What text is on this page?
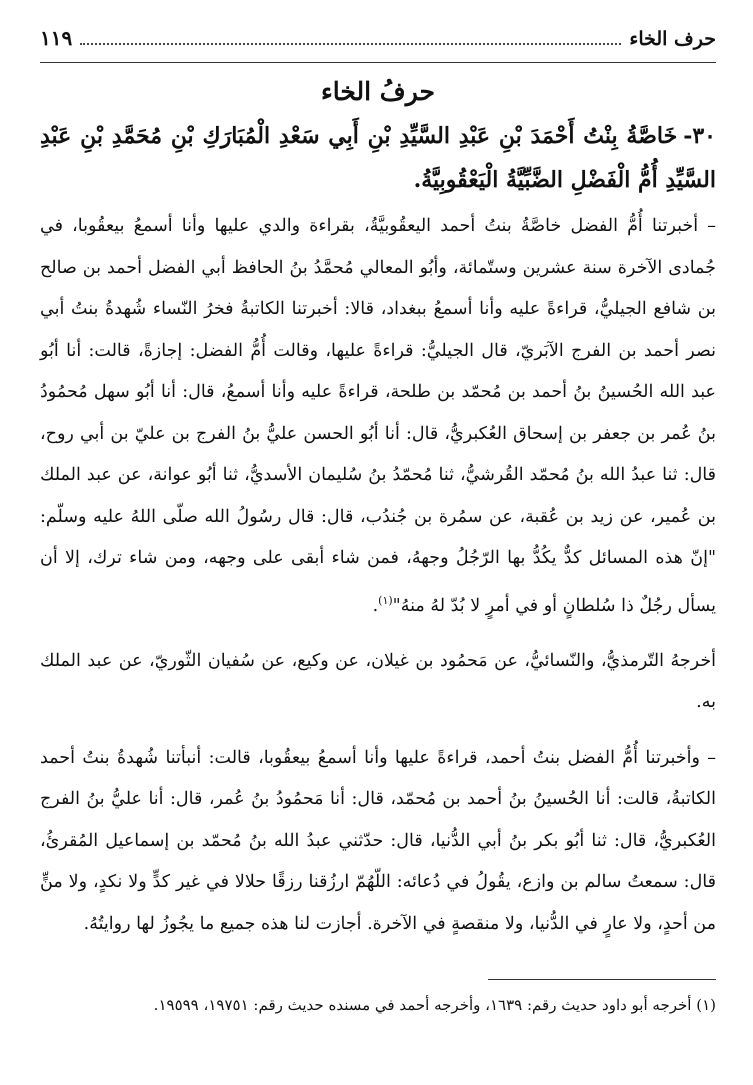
حرف الخاء
١١٩
حرفُ الخاء

٣٠-خَاصَّةُ بِنْتُ أَحْمَدَ بْنِ عَبْدِ السَّيِّدِ بْنِ أَبِي سَعْدِ الْمُبَارَكِ بْنِ مُحَمَّدِ بْنِ عَبْدِ السَّيِّدِ أُمُّ الْفَضْلِ الضَّبِّيَّةُ الْيَعْقُوبِيَّةُ.

– أخبرتنا أُمُّ الفضل خاصَّةُ بنتُ أحمد اليعقُوبيَّةُ، بقراءة والدي عليها وأنا أسمعُ بيعقُوبا، في جُمادى الآخرة سنة عشرين وستّمائة، وأبُو المعالي مُحمَّدُ بنُ الحافظ أبي الفضل أحمد بن صالح بن شافع الجيليُّ، قراءةً عليه وأنا أسمعُ ببغداد، قالا: أخبرتنا الكاتبةُ فخرُ النّساء شُهدةُ بنتُ أبي نصر أحمد بن الفرج الآبَريّ، قال الجيليُّ: قراءةً عليها، وقالت أُمُّ الفضل: إجازةً، قالت: أنا أبُو عبد الله الحُسينُ بنُ أحمد بن مُحمّد بن طلحة، قراءةً عليه وأنا أسمعُ، قال: أنا أبُو سهل مُحمُودُ بنُ عُمر بن جعفر بن إسحاق العُكبريُّ، قال: أنا أبُو الحسن عليُّ بنُ الفرج بن عليّ بن أبي روح، قال: ثنا عبدُ الله بنُ مُحمّد القُرشيُّ، ثنا مُحمّدُ بنُ سُليمان الأسديُّ، ثنا أبُو عوانة، عن عبد الملك بن عُمير، عن زيد بن عُقبة، عن سمُرة بن جُندُب، قال: قال رسُولُ الله صلّى اللهُ عليه وسلّم: "إنّ هذه المسائل كدٌّ يكُدُّ بها الرّجُلُ وجههُ، فمن شاء أبقى على وجهه، ومن شاء ترك، إلا أن يسأل رجُلٌ ذا سُلطانٍ أو في أمرٍ لا بُدّ لهُ منهُ"$^{(١)}$.

أخرجهُ التّرمذيُّ، والنّسائيُّ، عن مَحمُود بن غيلان، عن وكيع، عن سُفيان الثّوريّ، عن عبد الملك به.

– وأخبرتنا أُمُّ الفضل بنتُ أحمد، قراءةً عليها وأنا أسمعُ بيعقُوبا، قالت: أنبأتنا شُهدةُ بنتُ أحمد الكاتبةُ، قالت: أنا الحُسينُ بنُ أحمد بن مُحمّد، قال: أنا مَحمُودُ بنُ عُمر، قال: أنا عليُّ بنُ الفرج العُكبريُّ، قال: ثنا أبُو بكر بنُ أبي الدُّنيا، قال: حدّثني عبدُ الله بنُ مُحمّد بن إسماعيل المُقرئُ، قال: سمعتُ سالم بن وازع، يقُولُ في دُعائه: اللّهُمّ ارزُقنا رزقًا حلالا في غير كدٍّ ولا نكدٍ، ولا منٍّ من أحدٍ، ولا عارٍ في الدُّنيا، ولا منقصةٍ في الآخرة. أجازت لنا هذه جميع ما يجُوزُ لها روايتُهُ.

(١) أخرجه أبو داود حديث رقم: ١٦٣٩، وأخرجه أحمد في مسنده حديث رقم: ١٩٧٥١، ١٩٥٩٩.
